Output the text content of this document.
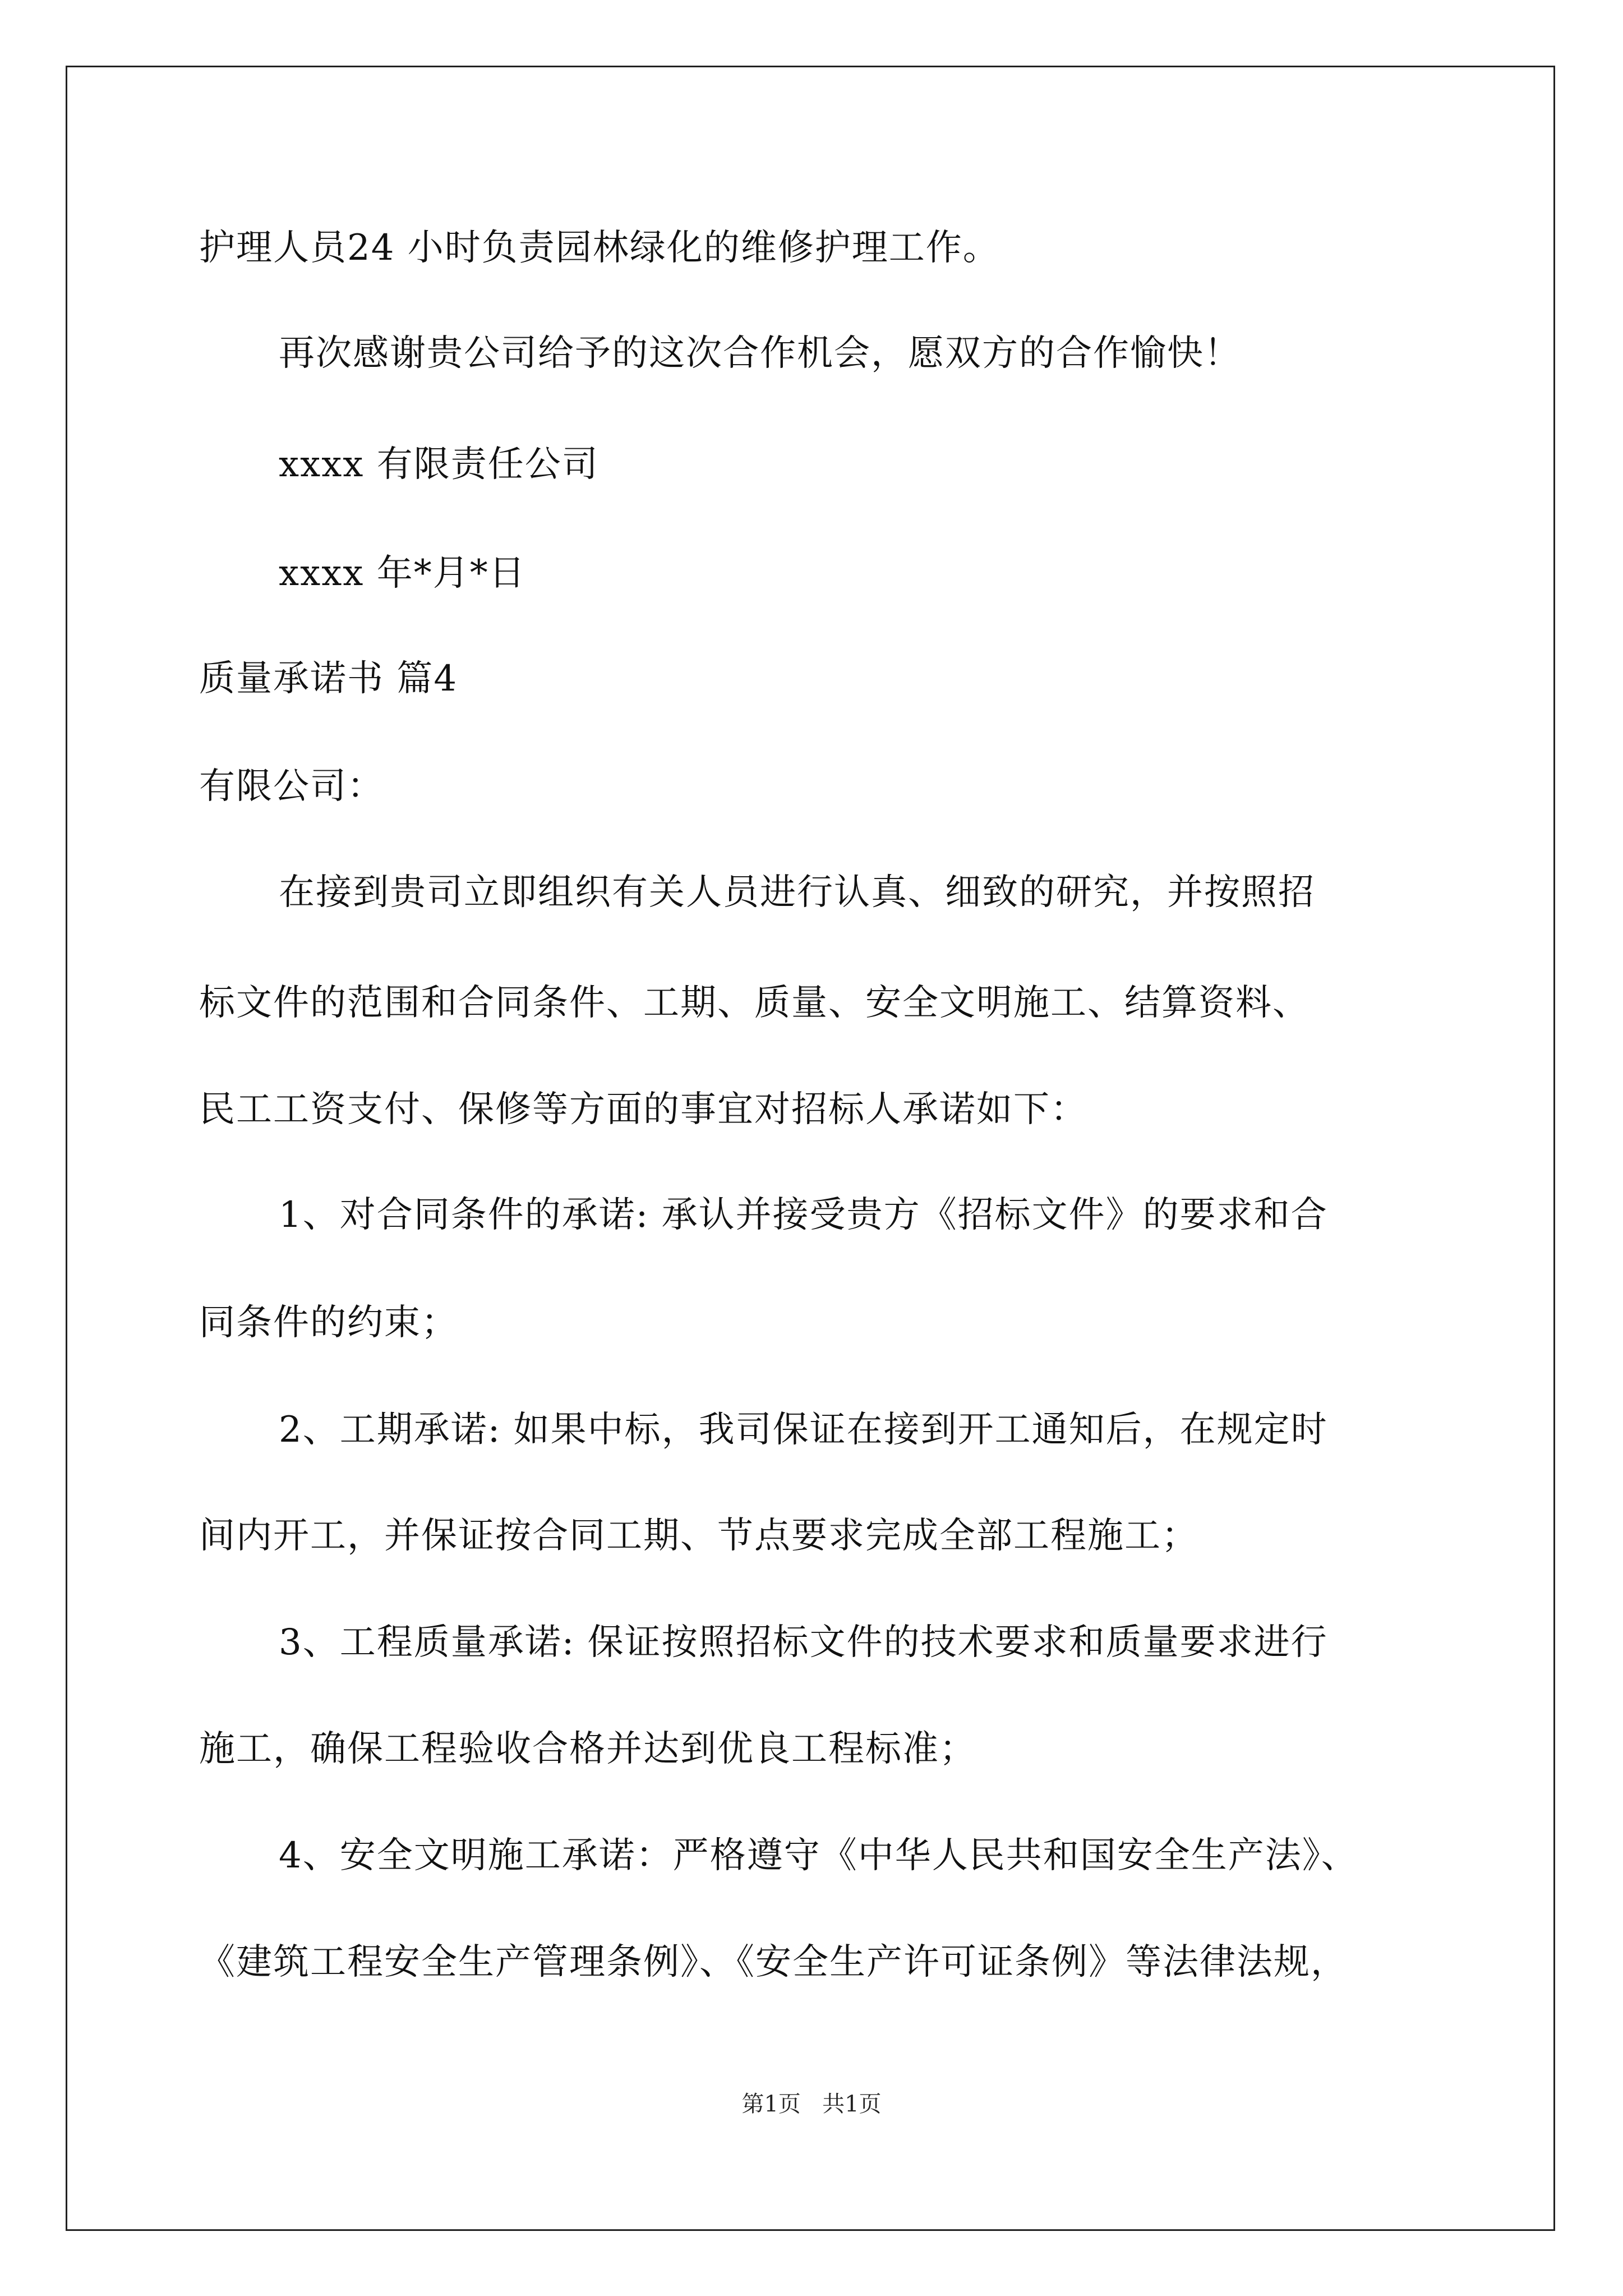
护理人员24 小时负责园林绿化的维修护理工作。
再次感谢贵公司给予的这次合作机会，愿双方的合作愉快！
xxxx 有限责任公司
xxxx 年*月*日
质量承诺书 篇4
有限公司：
在接到贵司立即组织有关人员进行认真、细致的研究，并按照招
标文件的范围和合同条件、工期、质量、安全文明施工、结算资料、
民工工资支付、保修等方面的事宜对招标人承诺如下：
1、对合同条件的承诺: 承认并接受贵方《招标文件》的要求和合
同条件的约束；
2、工期承诺: 如果中标，我司保证在接到开工通知后，在规定时
间内开工，并保证按合同工期、节点要求完成全部工程施工；
3、工程质量承诺: 保证按照招标文件的技术要求和质量要求进行
施工，确保工程验收合格并达到优良工程标准；
4、安全文明施工承诺：严格遵守《中华人民共和国安全生产法》、
《建筑工程安全生产管理条例》、《安全生产许可证条例》等法律法规，
第1页 共1页
